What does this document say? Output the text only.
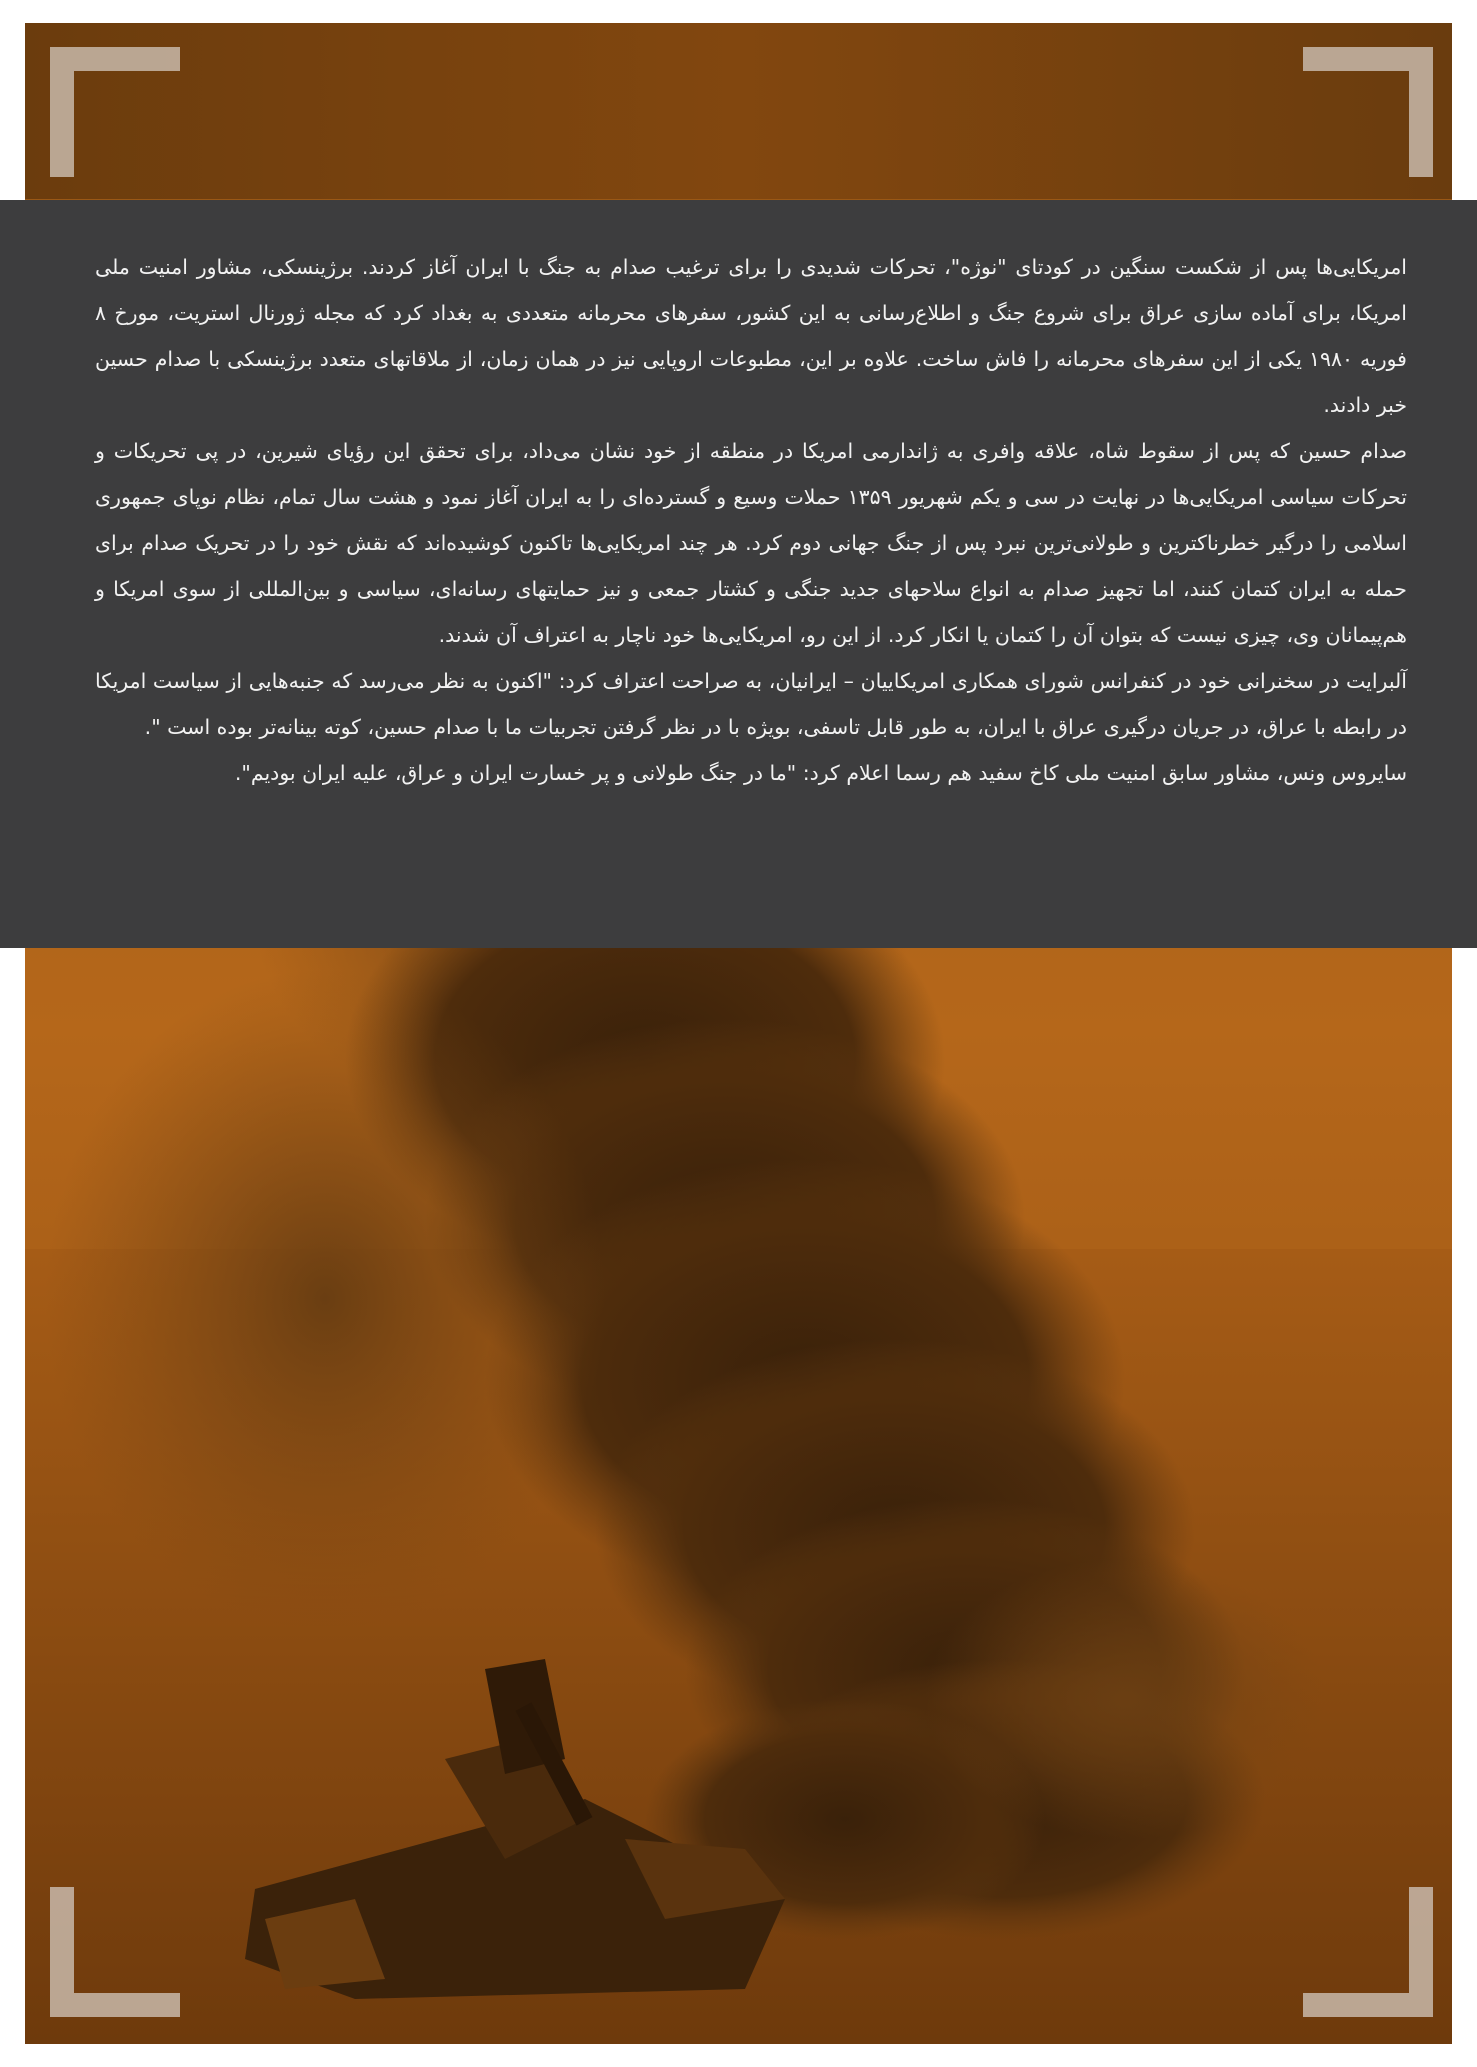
امریکایی‌ها پس از شکست سنگین در کودتای "نوژه"، تحرکات شدیدی را برای ترغیب صدام به جنگ با ایران آغاز کردند. برژینسکی، مشاور امنیت ملی امریکا، برای آماده سازی عراق برای شروع جنگ و اطلاع‌رسانی به این کشور، سفرهای محرمانه متعددی به بغداد کرد که مجله ژورنال استریت، مورخ ۸ فوریه ۱۹۸۰ یکی از این سفرهای محرمانه را فاش ساخت. علاوه بر این، مطبوعات اروپایی نیز در همان زمان، از ملاقاتهای متعدد برژینسکی با صدام حسین خبر دادند.

صدام حسین که پس از سقوط شاه، علاقه وافری به ژاندارمی امریکا در منطقه از خود نشان می‌داد، برای تحقق این رؤیای شیرین، در پی تحریکات و تحرکات سیاسی امریکایی‌ها در نهایت در سی و یکم شهریور ۱۳۵۹ حملات وسیع و گسترده‌ای را به ایران آغاز نمود و هشت سال تمام، نظام نوپای جمهوری اسلامی را درگیر خطرناکترین و طولانی‌ترین نبرد پس از جنگ جهانی دوم کرد. هر چند امریکایی‌ها تاکنون کوشیده‌اند که نقش خود را در تحریک صدام برای حمله به ایران کتمان کنند، اما تجهیز صدام به انواع سلاحهای جدید جنگی و کشتار جمعی و نیز حمایتهای رسانه‌ای، سیاسی و بین‌المللی از سوی امریکا و هم‌پیمانان وی، چیزی نیست که بتوان آن را کتمان یا انکار کرد. از این رو، امریکایی‌ها خود ناچار به اعتراف آن شدند.

آلبرایت در سخنرانی خود در کنفرانس شورای همکاری امریکاییان – ایرانیان، به صراحت اعتراف کرد: "اکنون به نظر می‌رسد که جنبه‌هایی از سیاست امریکا در رابطه با عراق، در جریان درگیری عراق با ایران، به طور قابل تاسفی، بویژه با در نظر گرفتن تجربیات ما با صدام حسین، کوته بینانه‌تر بوده است ".

سایروس ونس، مشاور سابق امنیت ملی کاخ سفید هم رسما اعلام کرد: "ما در جنگ طولانی و پر خسارت ایران و عراق، علیه ایران بودیم".
